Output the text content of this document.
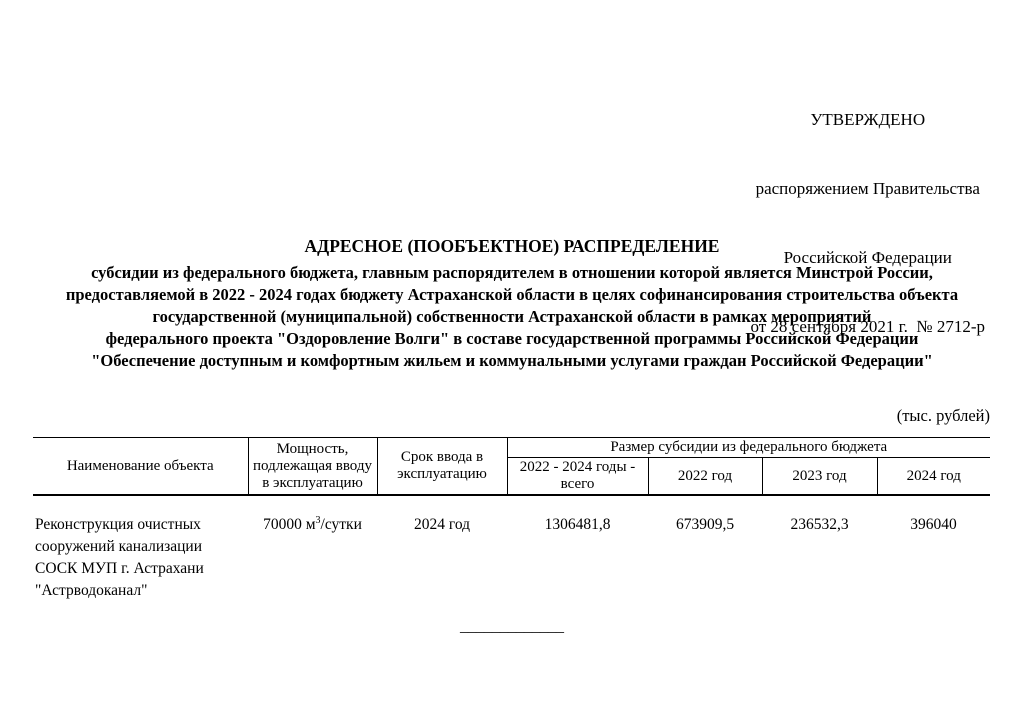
УТВЕРЖДЕНО

распоряжением Правительства

Российской Федерации

от 28 сентября 2021 г.  № 2712-р

АДРЕСНОЕ (ПООБЪЕКТНОЕ) РАСПРЕДЕЛЕНИЕ
субсидии из федерального бюджета, главным распорядителем в отношении которой является Минстрой России,
предоставляемой в 2022 - 2024 годах бюджету Астраханской области в целях софинансирования строительства объекта
государственной (муниципальной) собственности Астраханской области в рамках мероприятий
федерального проекта "Оздоровление Волги" в составе государственной программы Российской Федерации
"Обеспечение доступным и комфортным жильем и коммунальными услугами граждан Российской Федерации"
(тыс. рублей)
Наименование объекта	Мощность, подлежащая вводу в эксплуатацию	Срок ввода в эксплуатацию	Размер субсидии из федерального бюджета			
			2022 - 2024 годы - всего	2022 год	2023 год	2024 год
Реконструкция очистных сооружений канализации СОСК МУП г. Астрахани "Астрводоканал"	70000 $м^3$/сутки	2024 год	1306481,8	673909,5	236532,3	396040
_____________
